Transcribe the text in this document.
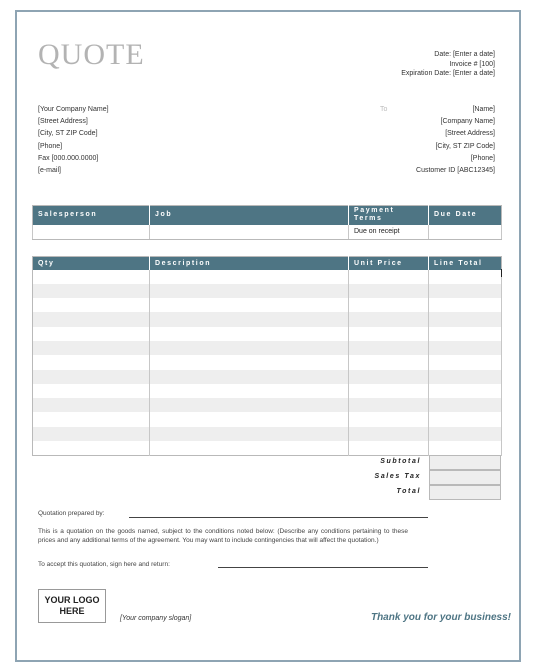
QUOTE	Date: [Enter a date]
Invoice # [100]
Expiration Date: [Enter a date]
[Your Company Name]
[Street Address]
[City, ST ZIP Code]
[Phone]
Fax [000.000.0000]
[e-mail]
To	[Name]
[Company Name]
[Street Address]
[City, ST ZIP Code]
[Phone]
Customer ID [ABC12345]
Salesperson	Job	Payment Terms	Due Date
		Due on receipt	
Qty	Description	Unit Price	Line Total

Subtotal
Sales Tax
Total
Quotation prepared by:
This is a quotation on the goods named, subject to the conditions noted below: (Describe any conditions pertaining to these prices and any additional terms of the agreement. You may want to include contingencies that will affect the quotation.)
To accept this quotation, sign here and return:
YOUR LOGO
HERE
[Your company slogan]	Thank you for your business!
